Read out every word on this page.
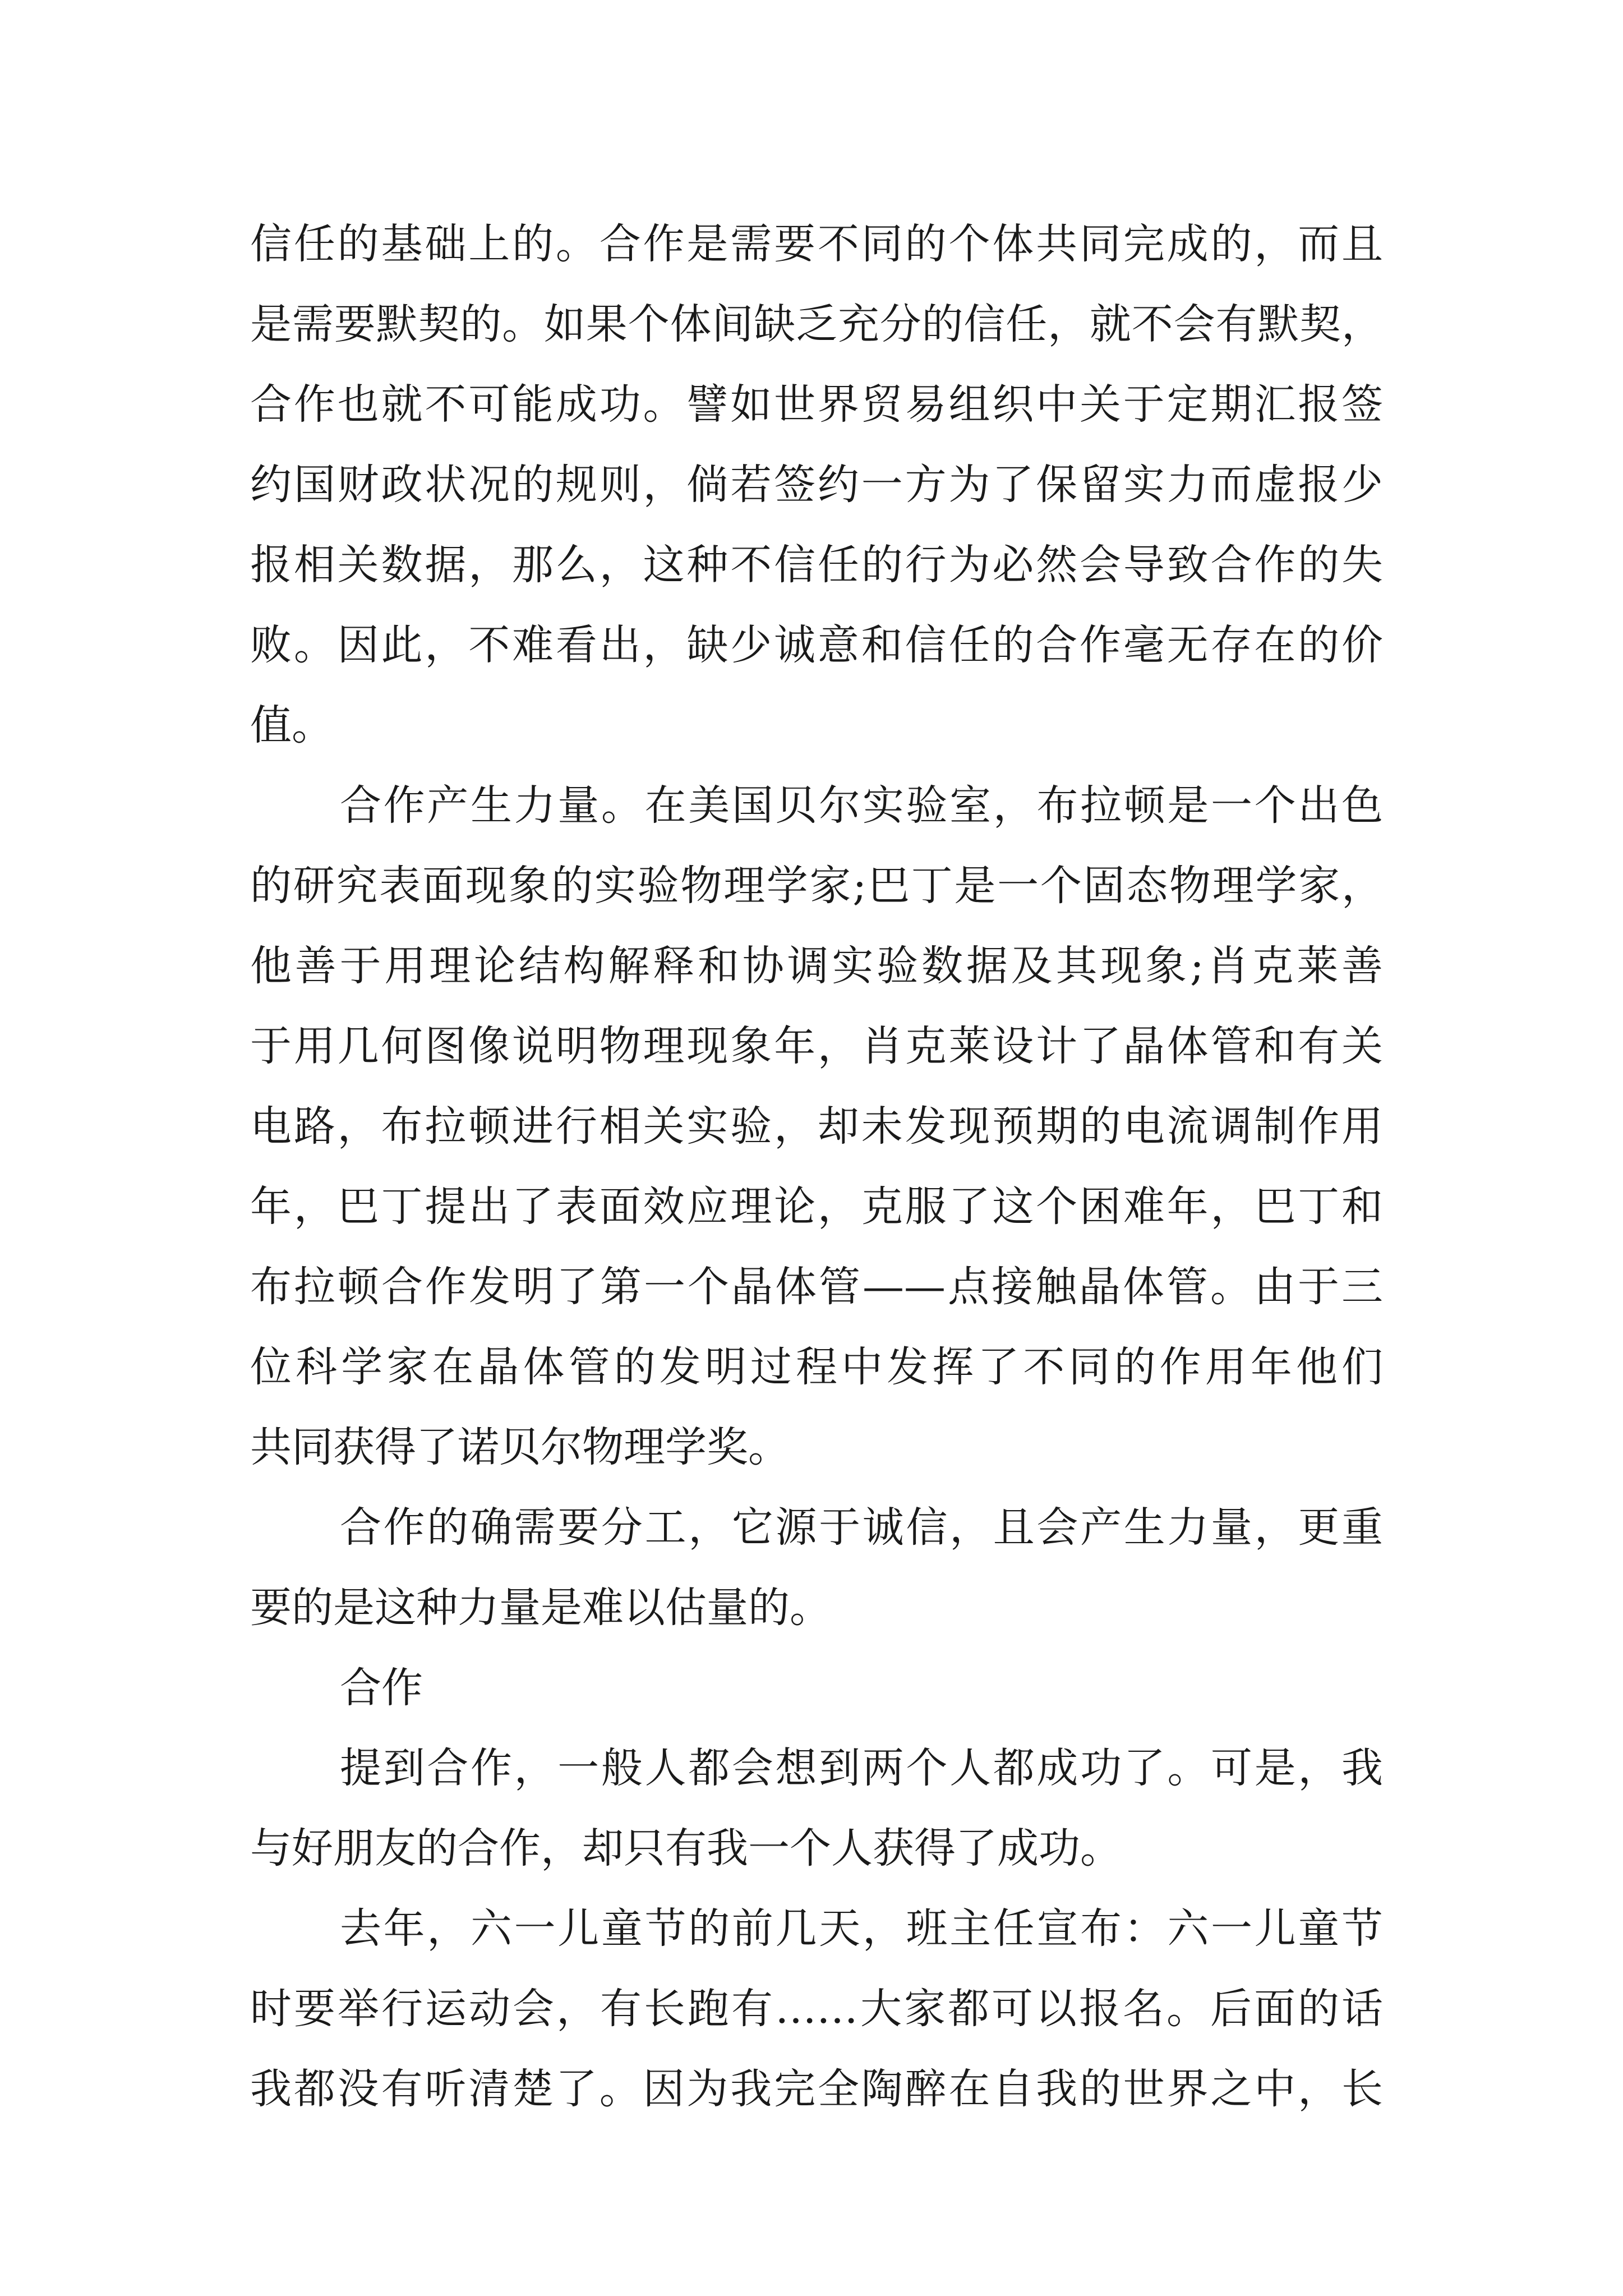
信任的基础上的。合作是需要不同的个体共同完成的，而且
是需要默契的。如果个体间缺乏充分的信任，就不会有默契，
合作也就不可能成功。譬如世界贸易组织中关于定期汇报签
约国财政状况的规则，倘若签约一方为了保留实力而虚报少
报相关数据，那么，这种不信任的行为必然会导致合作的失
败。因此，不难看出，缺少诚意和信任的合作毫无存在的价
值。
合作产生力量。在美国贝尔实验室，布拉顿是一个出色
的研究表面现象的实验物理学家;巴丁是一个固态物理学家，
他善于用理论结构解释和协调实验数据及其现象;肖克莱善
于用几何图像说明物理现象年，肖克莱设计了晶体管和有关
电路，布拉顿进行相关实验，却未发现预期的电流调制作用
年，巴丁提出了表面效应理论，克服了这个困难年，巴丁和
布拉顿合作发明了第一个晶体管——点接触晶体管。由于三
位科学家在晶体管的发明过程中发挥了不同的作用年他们
共同获得了诺贝尔物理学奖。
合作的确需要分工，它源于诚信，且会产生力量，更重
要的是这种力量是难以估量的。
合作
提到合作，一般人都会想到两个人都成功了。可是，我
与好朋友的合作，却只有我一个人获得了成功。
去年，六一儿童节的前几天，班主任宣布：六一儿童节
时要举行运动会，有长跑有……大家都可以报名。后面的话
我都没有听清楚了。因为我完全陶醉在自我的世界之中，长
